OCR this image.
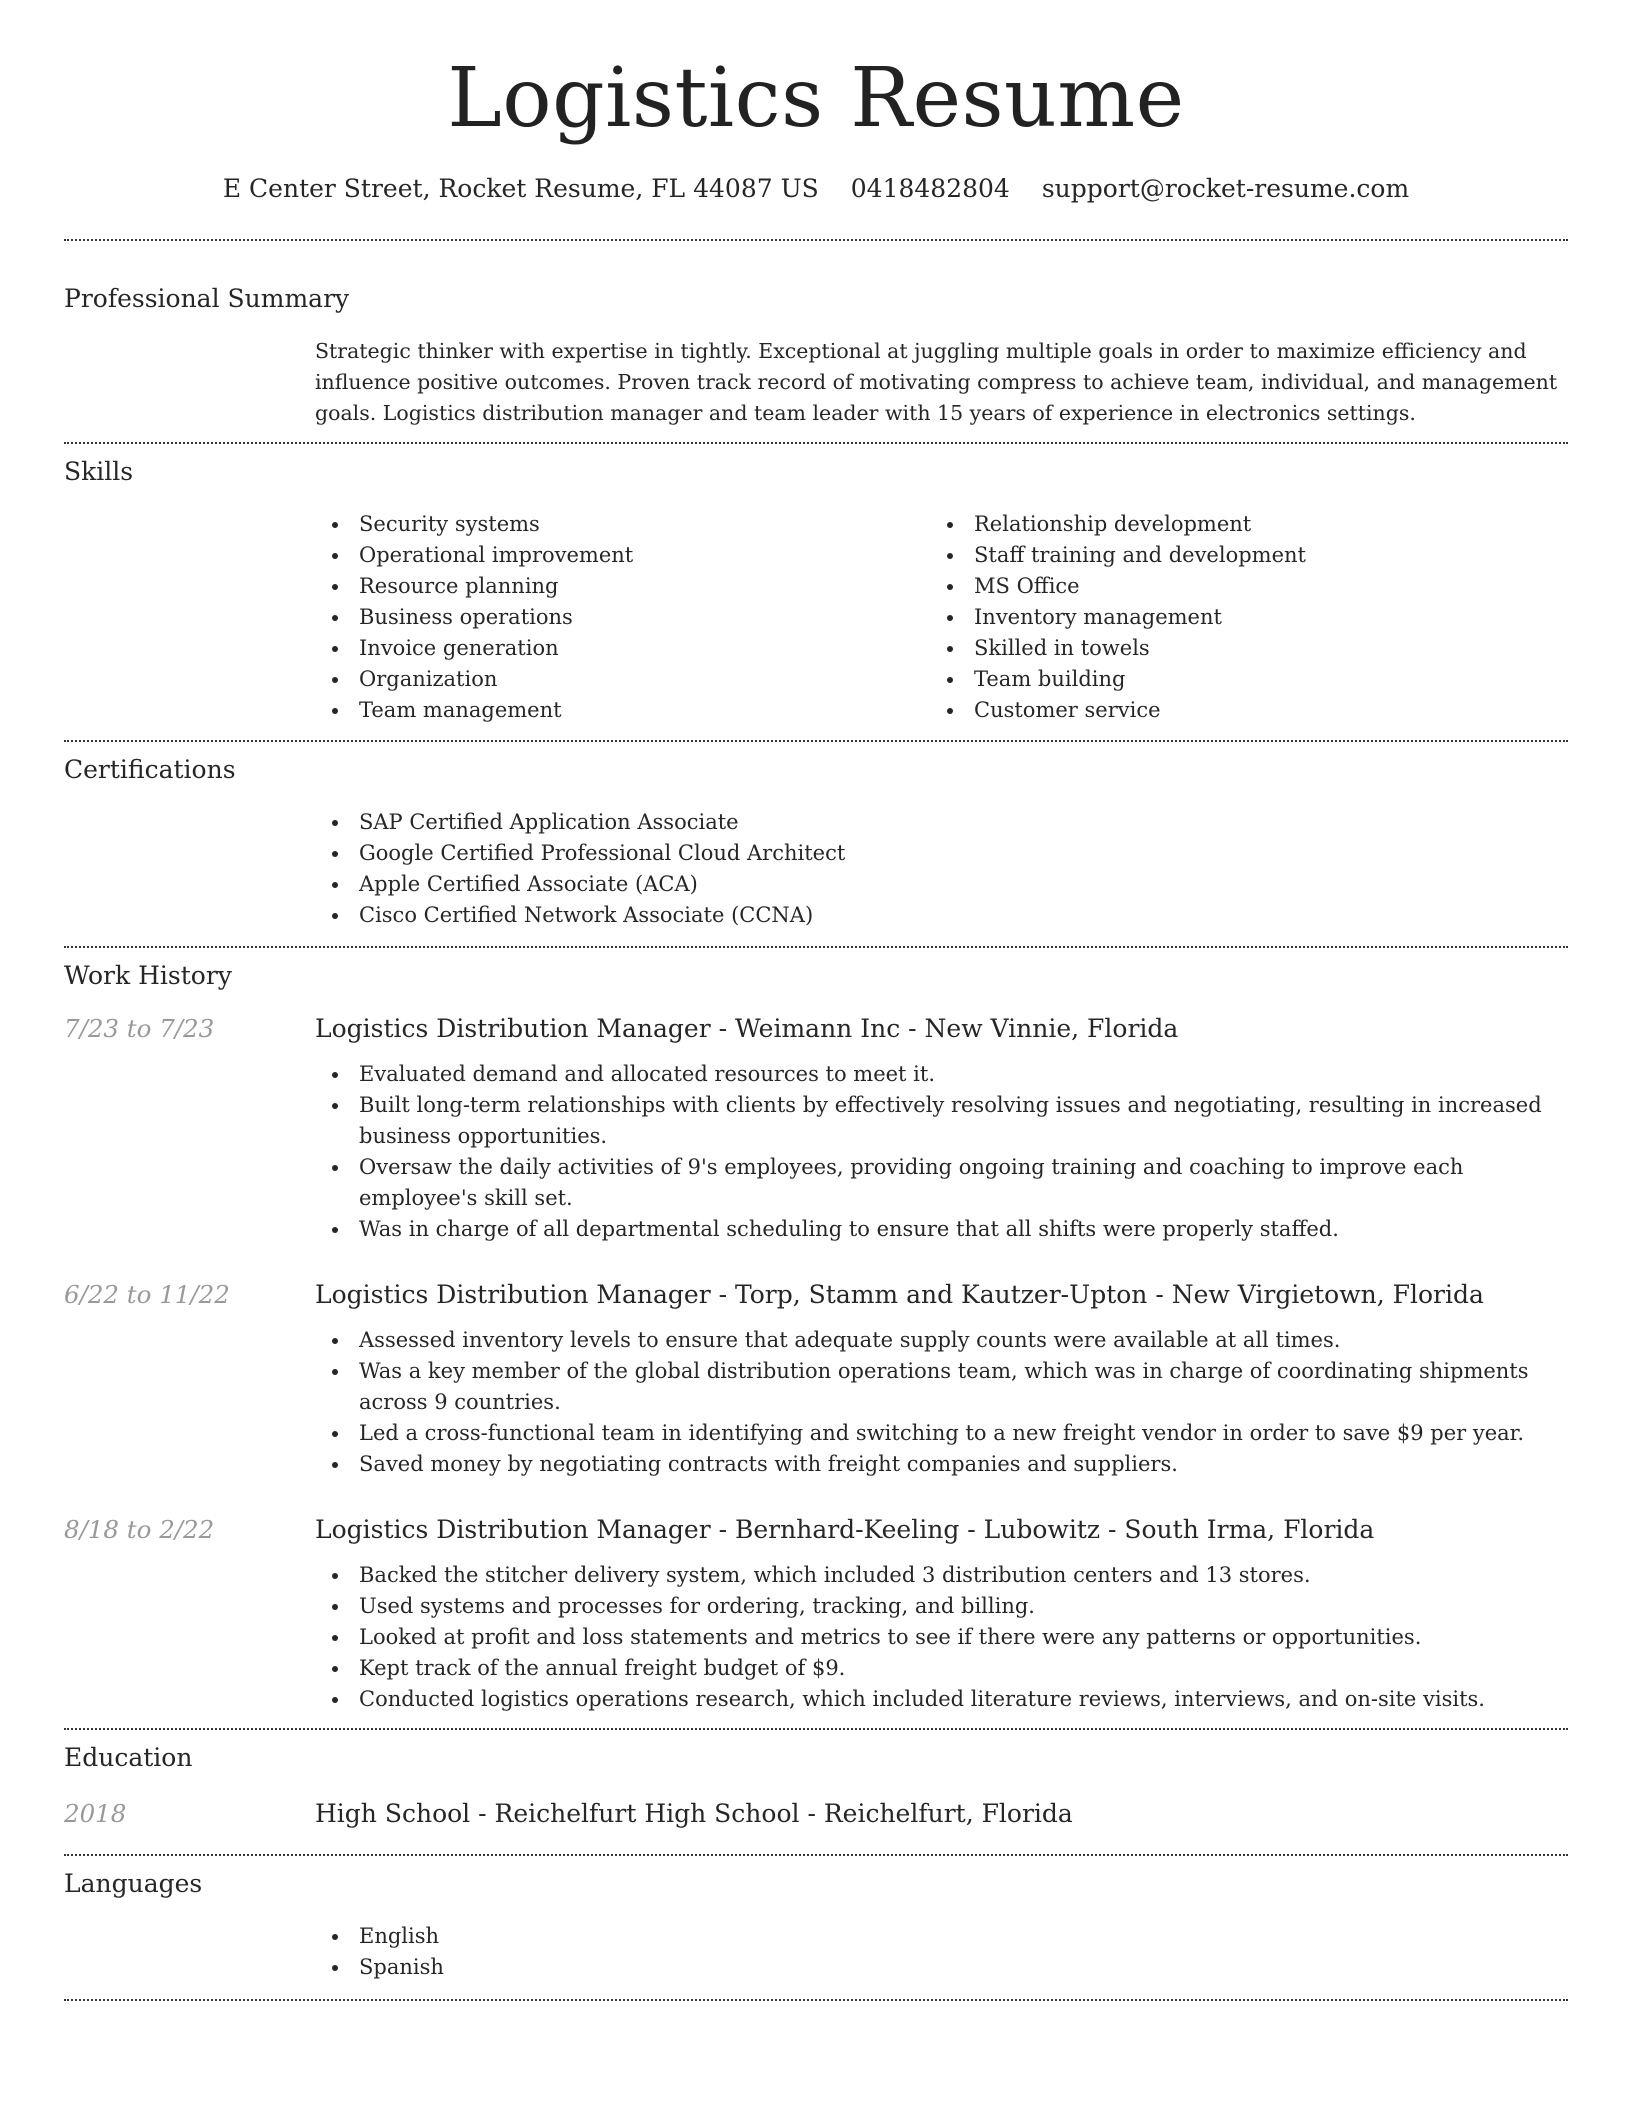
Logistics Resume
E Center Street, Rocket Resume, FL 44087 US 0418482804 support@rocket-resume.com
Professional Summary

Strategic thinker with expertise in tightly. Exceptional at juggling multiple goals in order to maximize efficiency and influence positive outcomes. Proven track record of motivating compress to achieve team, individual, and management goals. Logistics distribution manager and team leader with 15 years of experience in electronics settings.

Skills
Security systems
Operational improvement
Resource planning
Business operations
Invoice generation
Organization
Team management
Relationship development
Staff training and development
MS Office
Inventory management
Skilled in towels
Team building
Customer service
Certifications
SAP Certified Application Associate
Google Certified Professional Cloud Architect
Apple Certified Associate (ACA)
Cisco Certified Network Associate (CCNA)
Work History
7/23 to 7/23	Logistics Distribution Manager - Weimann Inc - New Vinnie, Florida
Evaluated demand and allocated resources to meet it.
Built long-term relationships with clients by effectively resolving issues and negotiating, resulting in increased business opportunities.
Oversaw the daily activities of 9's employees, providing ongoing training and coaching to improve each employee's skill set.
Was in charge of all departmental scheduling to ensure that all shifts were properly staffed.
6/22 to 11/22	Logistics Distribution Manager - Torp, Stamm and Kautzer-Upton - New Virgietown, Florida
Assessed inventory levels to ensure that adequate supply counts were available at all times.
Was a key member of the global distribution operations team, which was in charge of coordinating shipments across 9 countries.
Led a cross-functional team in identifying and switching to a new freight vendor in order to save $9 per year.
Saved money by negotiating contracts with freight companies and suppliers.
8/18 to 2/22	Logistics Distribution Manager - Bernhard-Keeling - Lubowitz - South Irma, Florida
Backed the stitcher delivery system, which included 3 distribution centers and 13 stores.
Used systems and processes for ordering, tracking, and billing.
Looked at profit and loss statements and metrics to see if there were any patterns or opportunities.
Kept track of the annual freight budget of $9.
Conducted logistics operations research, which included literature reviews, interviews, and on-site visits.
Education
2018	High School - Reichelfurt High School - Reichelfurt, Florida
Languages
English
Spanish
